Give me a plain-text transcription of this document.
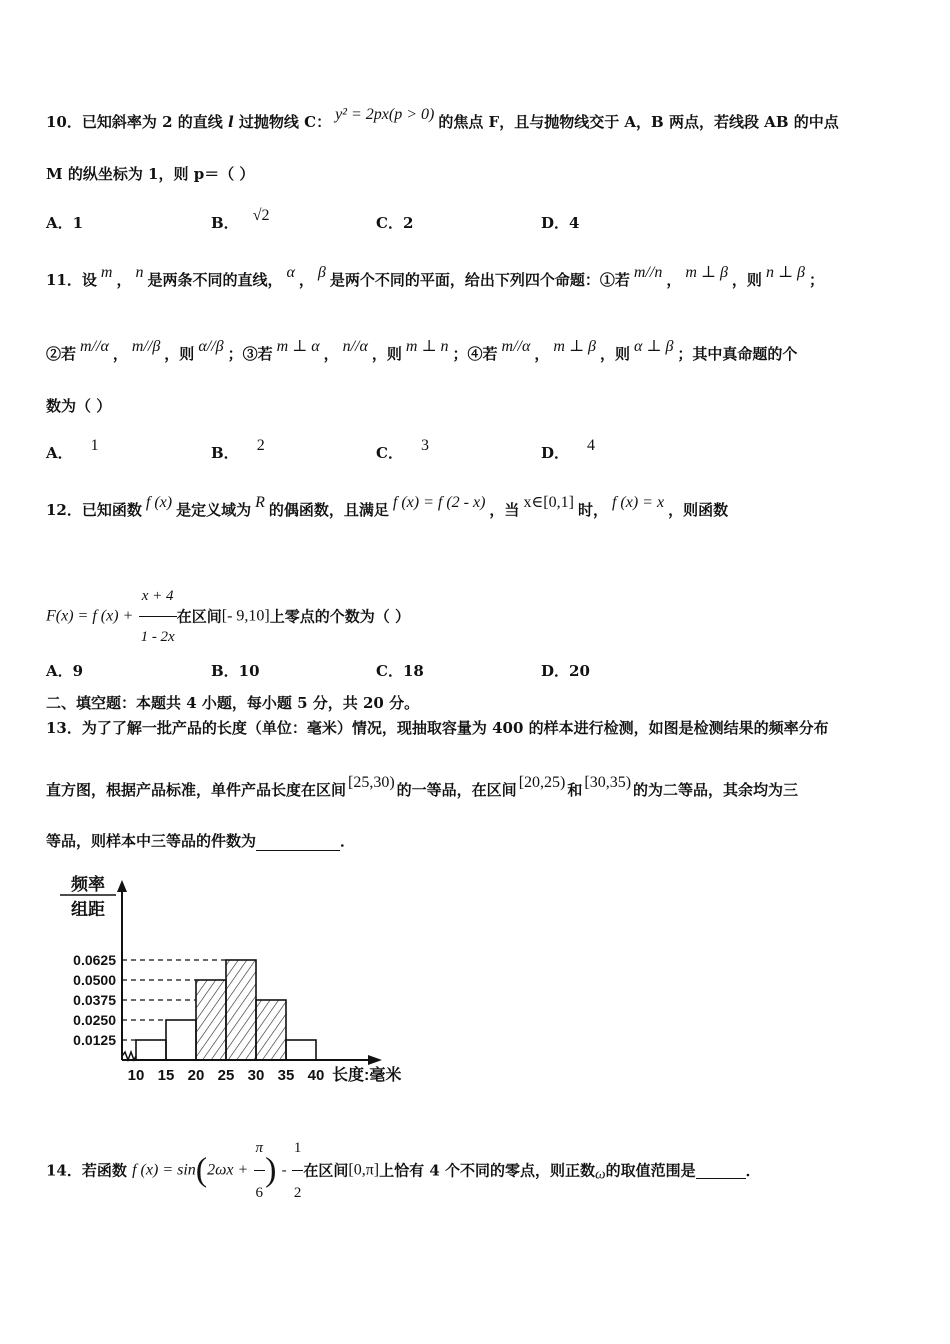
10．已知斜率为 2 的直线 l 过抛物线 C： y² = 2px(p > 0) 的焦点 F，且与抛物线交于 A，B 两点，若线段 AB 的中点
M 的纵坐标为 1，则 p＝（ ）
A．1	B． √2	C．2	D．4
11．设 m ， n 是两条不同的直线， α ， β 是两个不同的平面，给出下列四个命题：①若 m//n ， m ⊥ β ，则 n ⊥ β ；
②若 m//α ， m//β ，则 α//β ；③若 m ⊥ α ， n//α ，则 m ⊥ n ；④若 m//α ， m ⊥ β ，则 α ⊥ β ；其中真命题的个
数为（ ）
A． 1	B． 2	C． 3	D． 4
12．已知函数 f (x) 是定义域为 R 的偶函数，且满足 f (x) = f (2 - x) ，当 x∈[0,1] 时， f (x) = x ，则函数
F(x) = f $(x) + \frac{x + 4}{1 - 2x}$ 在区间[- 9,10]上零点的个数为（ ）
A．9	B．10	C．18	D．20
二、填空题：本题共 4 小题，每小题 5 分，共 20 分。
13．为了了解一批产品的长度（单位：毫米）情况，现抽取容量为 400 的样本进行检测，如图是检测结果的频率分布
直方图，根据产品标准，单件产品长度在区间 [25,30) 的一等品，在区间 [20,25) 和 [30,35) 的为二等品，其余均为三
等品，则样本中三等品的件数为	．
频率
组距
0.0625
0.0500
0.0375
0.0250
0.0125
10 15 20 25 30 35 40 长度:毫米
14．若函数 f $(x) = \sin(2\omega x + \frac{\pi}{6}$ ) - $\frac{1}{2}$ 在区间[0,π]上恰有 4 个不同的零点，则正数ω的取值范围是	．
